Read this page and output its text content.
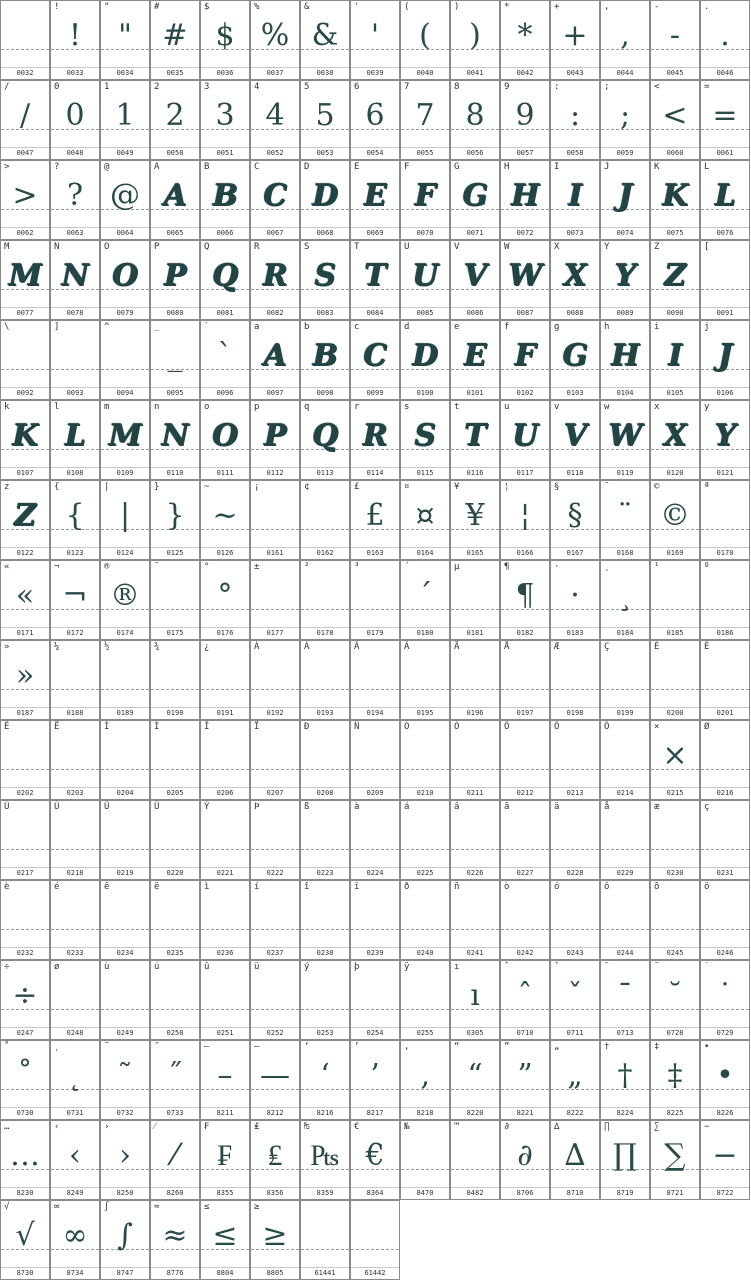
0032
!
!
0033
"
"
0034
#
#
0035
$
$
0036
%
%
0037
&
&
0038
'
'
0039
(
(
0040
)
)
0041
*
*
0042
+
+
0043
,
,
0044
-
-
0045
.
.
0046
/
/
0047
0
0
0048
1
1
0049
2
2
0050
3
3
0051
4
4
0052
5
5
0053
6
6
0054
7
7
0055
8
8
0056
9
9
0057
:
:
0058
;
;
0059
<
<
0060
=
=
0061
>
>
0062
?
?
0063
@
@
0064
A
A
0065
B
B
0066
C
C
0067
D
D
0068
E
E
0069
F
F
0070
G
G
0071
H
H
0072
I
I
0073
J
J
0074
K
K
0075
L
L
0076
M
M
0077
N
N
0078
O
O
0079
P
P
0080
Q
Q
0081
R
R
0082
S
S
0083
T
T
0084
U
U
0085
V
V
0086
W
W
0087
X
X
0088
Y
Y
0089
Z
Z
0090
[
0091
\
0092
]
0093
^
0094
_
_
0095
`
`
0096
a
A
0097
b
B
0098
c
C
0099
d
D
0100
e
E
0101
f
F
0102
g
G
0103
h
H
0104
i
I
0105
j
J
0106
k
K
0107
l
L
0108
m
M
0109
n
N
0110
o
O
0111
p
P
0112
q
Q
0113
r
R
0114
s
S
0115
t
T
0116
u
U
0117
v
V
0118
w
W
0119
x
X
0120
y
Y
0121
z
Z
0122
{
{
0123
|
|
0124
}
}
0125
~
~
0126
¡
0161
¢
0162
£
£
0163
¤
¤
0164
¥
¥
0165
¦
¦
0166
§
§
0167
¨
¨
0168
©
©
0169
ª
0170
«
«
0171
¬
¬
0172
®
®
0174
¯
0175
°
°
0176
±
0177
²
0178
³
0179
´
´
0180
µ
0181
¶
¶
0182
·
·
0183
¸
¸
0184
¹
0185
º
0186
»
»
0187
¼
0188
½
0189
¾
0190
¿
0191
À
0192
Á
0193
Â
0194
Ã
0195
Ä
0196
Å
0197
Æ
0198
Ç
0199
È
0200
É
0201
Ê
0202
Ë
0203
Ì
0204
Í
0205
Î
0206
Ï
0207
Ð
0208
Ñ
0209
Ò
0210
Ó
0211
Ô
0212
Õ
0213
Ö
0214
×
×
0215
Ø
0216
Ù
0217
Ú
0218
Û
0219
Ü
0220
Ý
0221
Þ
0222
ß
0223
à
0224
á
0225
â
0226
ã
0227
ä
0228
å
0229
æ
0230
ç
0231
è
0232
é
0233
ê
0234
ë
0235
ì
0236
í
0237
î
0238
ï
0239
ð
0240
ñ
0241
ò
0242
ó
0243
ô
0244
õ
0245
ö
0246
÷
÷
0247
ø
0248
ù
0249
ú
0250
û
0251
ü
0252
ý
0253
þ
0254
ÿ
0255
ı
ı
0305
ˆ
ˆ
0710
ˇ
ˇ
0711
ˉ
ˉ
0713
˘
˘
0728
˙
˙
0729
˚
˚
0730
˛
˛
0731
˜
˜
0732
˝
˝
0733
–
–
8211
—
—
8212
‘
‘
8216
’
’
8217
‚
‚
8218
“
“
8220
”
”
8221
„
„
8222
†
†
8224
‡
‡
8225
•
•
8226
…
…
8230
‹
‹
8249
›
›
8250
⁄
⁄
8260
₣
₣
8355
₤
₤
8356
₧
₧
8359
€
€
8364
№
8470
™
8482
∂
∂
8706
∆
∆
8710
∏
∏
8719
∑
∑
8721
−
−
8722
√
√
8730
∞
∞
8734
∫
∫
8747
≈
≈
8776
≤
≤
8804
≥
≥
8805	61441	61442
